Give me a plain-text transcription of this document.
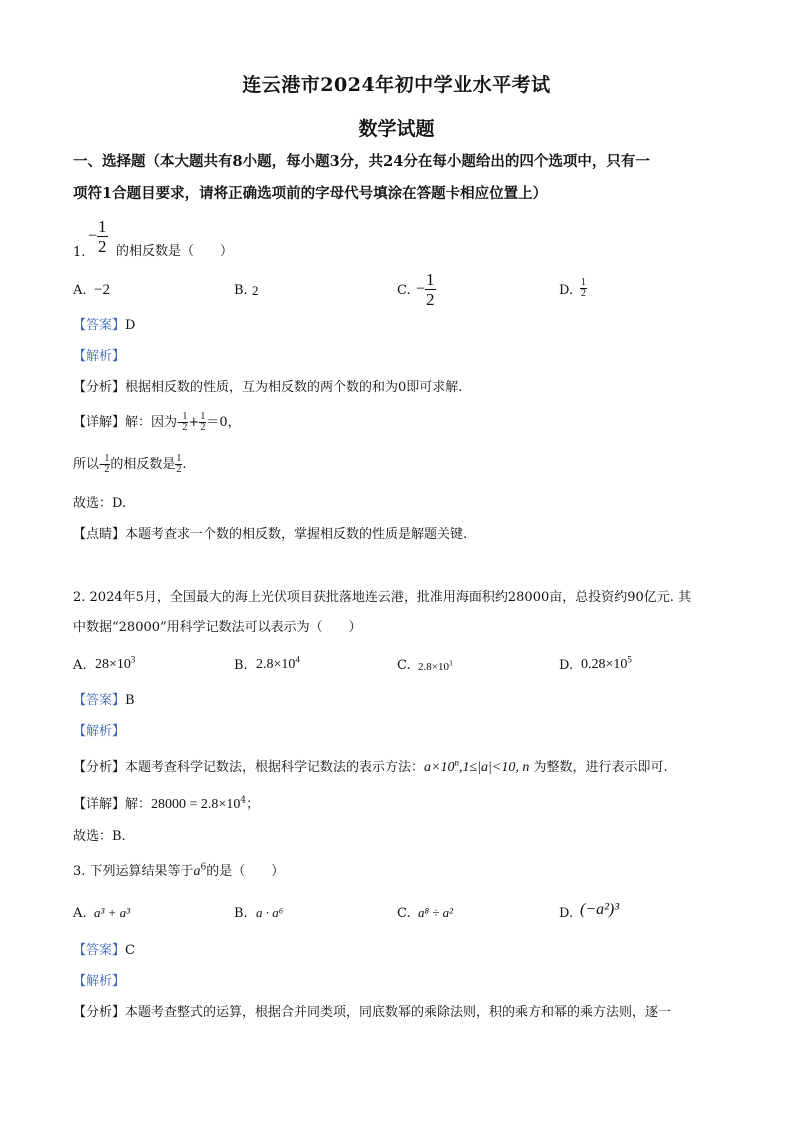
连云港市2024年初中学业水平考试
数学试题
一、选择题（本大题共有8小题，每小题3分，共24分在每小题给出的四个选项中，只有一
项符1合题目要求，请将正确选项前的字母代号填涂在答题卡相应位置上）
1.
− $\frac{1}{2}$ 的相反数是（　　）
A. −2	B. 2	C. − $\frac{1}{2}$	D. $\frac{1}{2}$
【答案】D
【解析】
【分析】根据相反数的性质，互为相反数的两个数的和为0即可求解.
【详解】解：因为- $\frac{1}{2} + \frac{1}{2} =0$，
所以- $\frac{1}{2}$ 的相反数是 $\frac{1}{2}$ .
故选：D.
【点睛】本题考查求一个数的相反数，掌握相反数的性质是解题关键.
2. 2024年5月，全国最大的海上光伏项目获批落地连云港，批准用海面积约28000亩，总投资约90亿元. 其
中数据“28000”用科学记数法可以表示为（　　）
A. $28\times 10^3$	B. $2.8\times 10^4$	C. $2.8\times 10^3$	D. $0.28\times 10^5$
【答案】B
【解析】
【分析】本题考查科学记数法，根据科学记数法的表示方法：$a\times 10^n,1\le|a|<10$, n 为整数，进行表示即可.
【详解】解：$28000 = 2.8\times 10^4$；
故选：B.
3. 下列运算结果等于$a^6$的是（　　）
A. a³ + a³	B. a · a⁶	C. a⁸ ÷ a²	D. (−a²)³
【答案】C
【解析】
【分析】本题考查整式的运算，根据合并同类项，同底数幂的乘除法则，积的乘方和幂的乘方法则，逐一
